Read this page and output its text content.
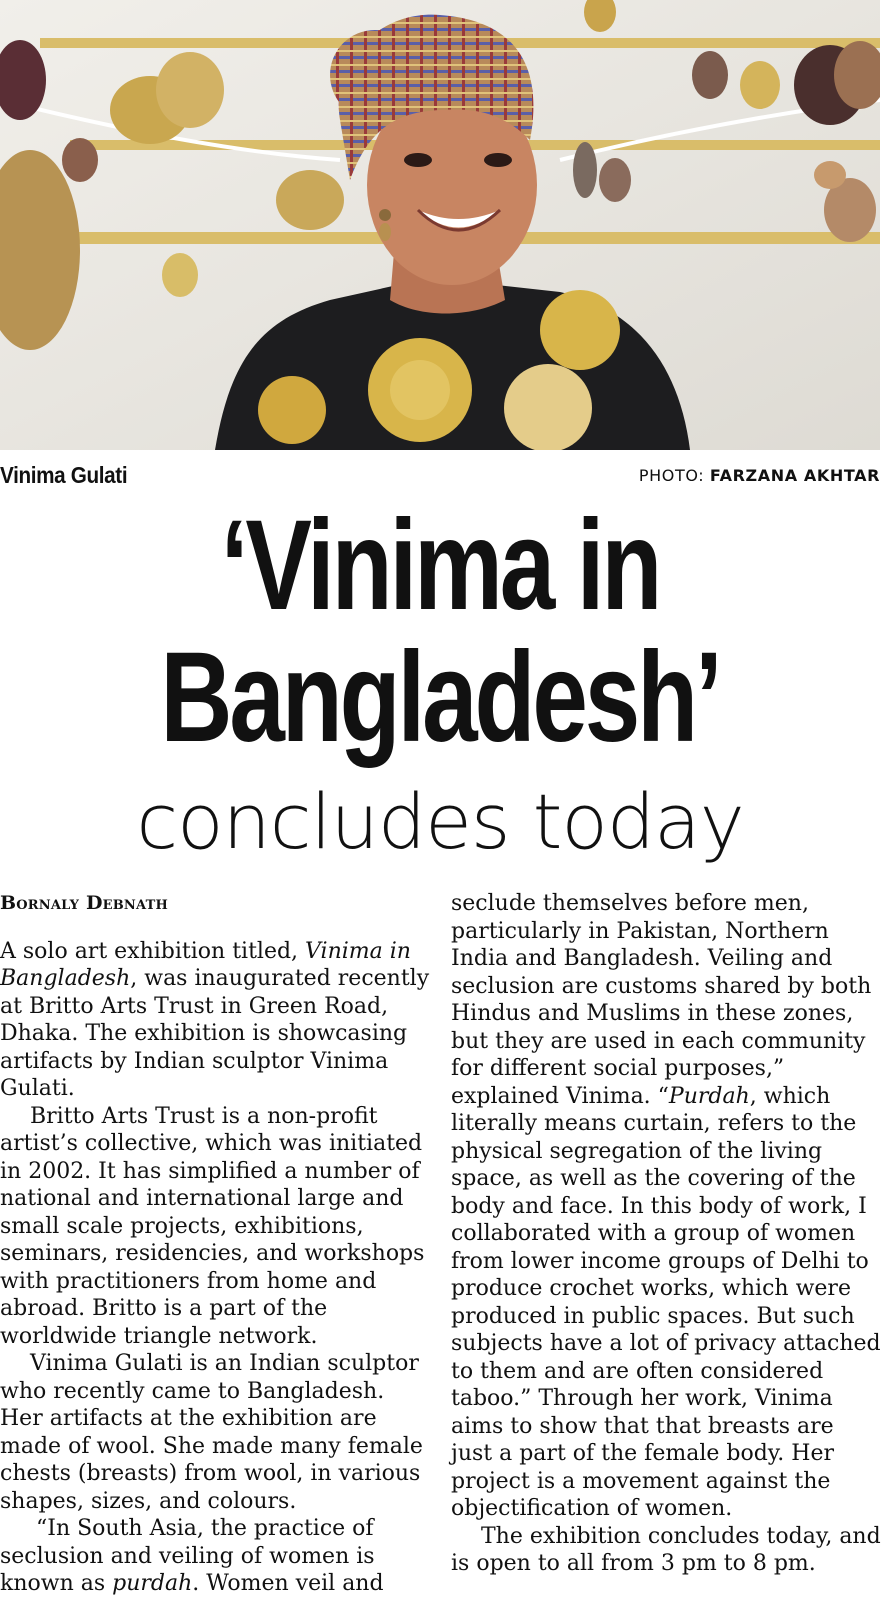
Vinima Gulati	PHOTO: FARZANA AKHTAR
‘Vinima in
Bangladesh’
concludes today
Bornaly Debnath

A solo art exhibition titled, Vinima in Bangladesh, was inaugurated recently at Britto Arts Trust in Green Road, Dhaka. The exhibition is showcasing artifacts by Indian sculptor Vinima Gulati.

Britto Arts Trust is a non-profit artist’s collective, which was initiated in 2002. It has simplified a number of national and international large and small scale projects, exhibitions, seminars, residencies, and workshops with practitioners from home and abroad. Britto is a part of the worldwide triangle network.

Vinima Gulati is an Indian sculptor who recently came to Bangladesh. Her artifacts at the exhibition are made of wool. She made many female chests (breasts) from wool, in various shapes, sizes, and colours.

“In South Asia, the practice of seclusion and veiling of women is known as purdah. Women veil and

seclude themselves before men, particularly in Pakistan, Northern India and Bangladesh. Veiling and seclusion are customs shared by both Hindus and Muslims in these zones, but they are used in each community for different social purposes,” explained Vinima. “Purdah, which literally means curtain, refers to the physical segregation of the living space, as well as the covering of the body and face. In this body of work, I collaborated with a group of women from lower income groups of Delhi to produce crochet works, which were produced in public spaces. But such subjects have a lot of privacy attached to them and are often considered taboo.” Through her work, Vinima aims to show that that breasts are just a part of the female body. Her project is a movement against the objectification of women.

The exhibition concludes today, and is open to all from 3 pm to 8 pm.
